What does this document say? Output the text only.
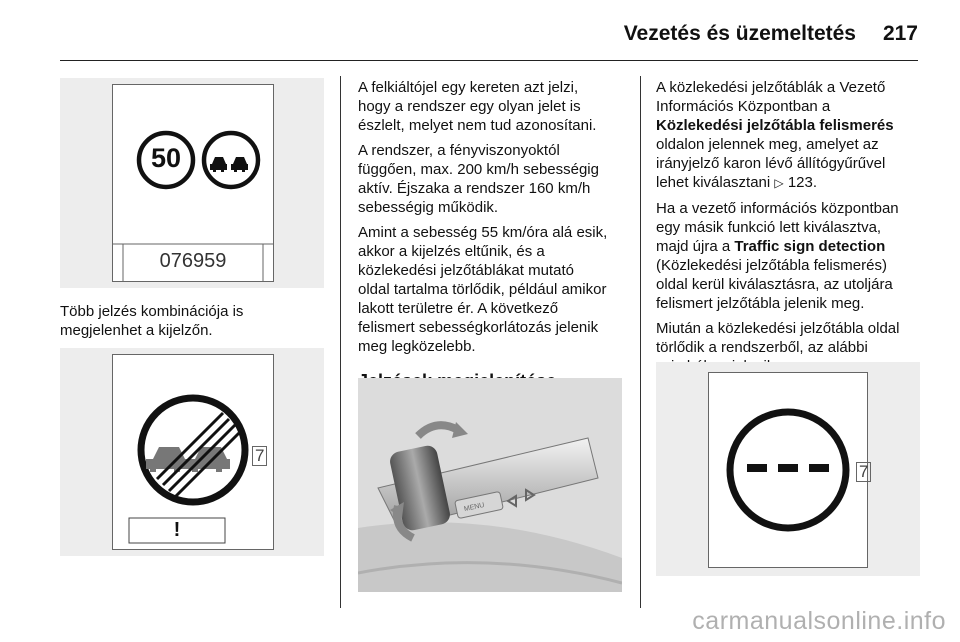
Vezetés és üzemeltetés 217
50
076959
Több jelzés kombinációja is
megjelenhet a kijelzőn.
!
7

A felkiáltójel egy kereten azt jelzi,
hogy a rendszer egy olyan jelet is
észlelt, melyet nem tud azonosítani.

A rendszer, a fényviszonyoktól
függően, max. 200 km/h sebességig
aktív. Éjszaka a rendszer 160 km/h
sebességig működik.

Amint a sebesség 55 km/óra alá esik,
akkor a kijelzés eltűnik, és a
közlekedési jelzőtáblákat mutató
oldal tartalma törlődik, például amikor
lakott területre ér. A következő
felismert sebességkorlátozás jelenik
meg legközelebb.

MENU

A közlekedési jelzőtáblák a Vezető
Információs Központban a
Közlekedési jelzőtábla felismerés
oldalon jelennek meg, amelyet az
irányjelző karon lévő állítógyűrűvel
lehet kiválasztani ▷ 123.

Ha a vezető információs központban
egy másik funkció lett kiválasztva,
majd újra a Traffic sign detection
(Közlekedési jelzőtábla felismerés)
oldal kerül kiválasztásra, az utoljára
felismert jelzőtábla jelenik meg.

Miután a közlekedési jelzőtábla oldal
törlődik a rendszerből, az alábbi

7
carmanualsonline.info
